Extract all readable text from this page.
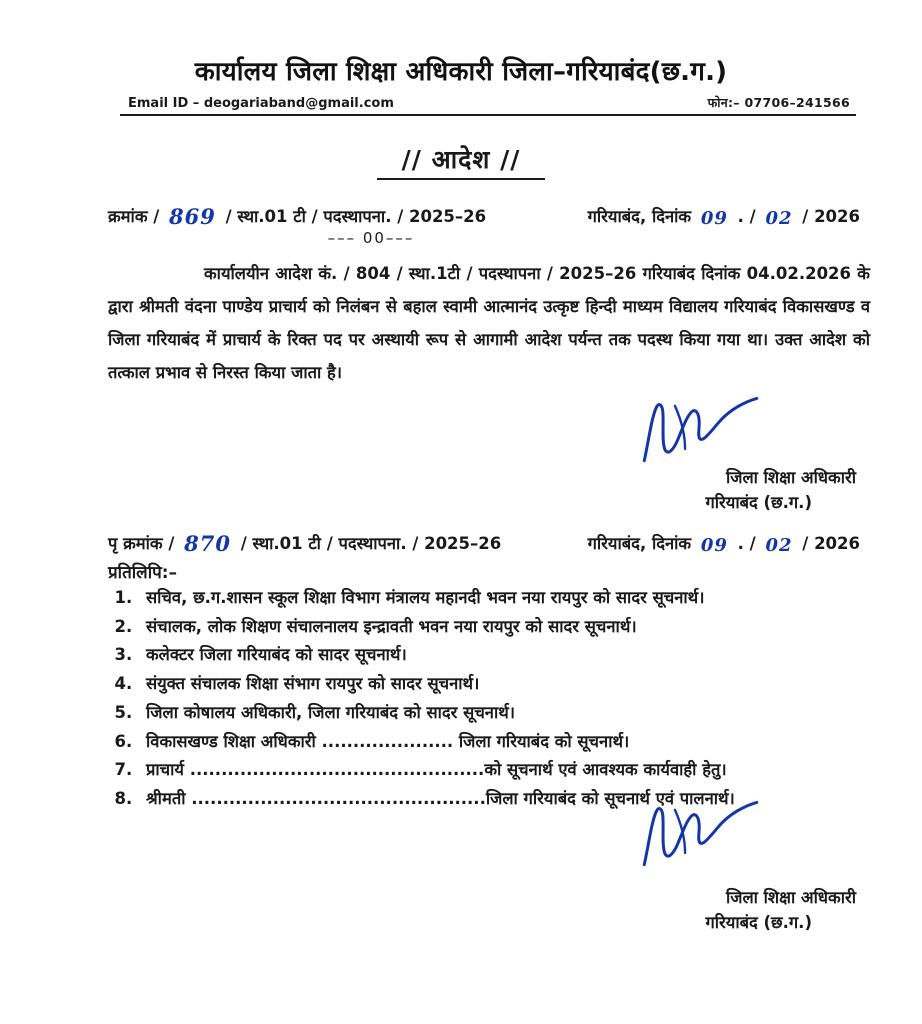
कार्यालय जिला शिक्षा अधिकारी जिला–गरियाबंद(छ.ग.)
Email ID – deogariaband@gmail.com	फोन:– 07706–241566
// आदेश //
क्रमांक / 869 / स्था.01 टी / पदस्थापना. / 2025–26	गरियाबंद, दिनांक 09 . / 02 / 2026
––– 00–––
कार्यालयीन आदेश कं. / 804 / स्था.1टी / पदस्थापना / 2025–26 गरियाबंद दिनांक 04.02.2026 के द्वारा श्रीमती वंदना पाण्डेय प्राचार्य को निलंबन से बहाल स्वामी आत्मानंद उत्कृष्ट हिन्दी माध्यम विद्यालय गरियाबंद विकासखण्ड व जिला गरियाबंद में प्राचार्य के रिक्त पद पर अस्थायी रूप से आगामी आदेश पर्यन्त तक पदस्थ किया गया था। उक्त आदेश को तत्काल प्रभाव से निरस्त किया जाता है।
जिला शिक्षा अधिकारी
गरियाबंद (छ.ग.)
पृ क्रमांक / 870 / स्था.01 टी / पदस्थापना. / 2025–26	गरियाबंद, दिनांक 09 . / 02 / 2026
प्रतिलिपि:–
1. सचिव, छ.ग.शासन स्कूल शिक्षा विभाग मंत्रालय महानदी भवन नया रायपुर को सादर सूचनार्थ।
2. संचालक, लोक शिक्षण संचालनालय इन्द्रावती भवन नया रायपुर को सादर सूचनार्थ।
3. कलेक्टर जिला गरियाबंद को सादर सूचनार्थ।
4. संयुक्त संचालक शिक्षा संभाग रायपुर को सादर सूचनार्थ।
5. जिला कोषालय अधिकारी, जिला गरियाबंद को सादर सूचनार्थ।
6. विकासखण्ड शिक्षा अधिकारी ..................... जिला गरियाबंद को सूचनार्थ।
7. प्राचार्य ...............................................को सूचनार्थ एवं आवश्यक कार्यवाही हेतु।
8. श्रीमती ...............................................जिला गरियाबंद को सूचनार्थ एवं पालनार्थ।
जिला शिक्षा अधिकारी
गरियाबंद (छ.ग.)
